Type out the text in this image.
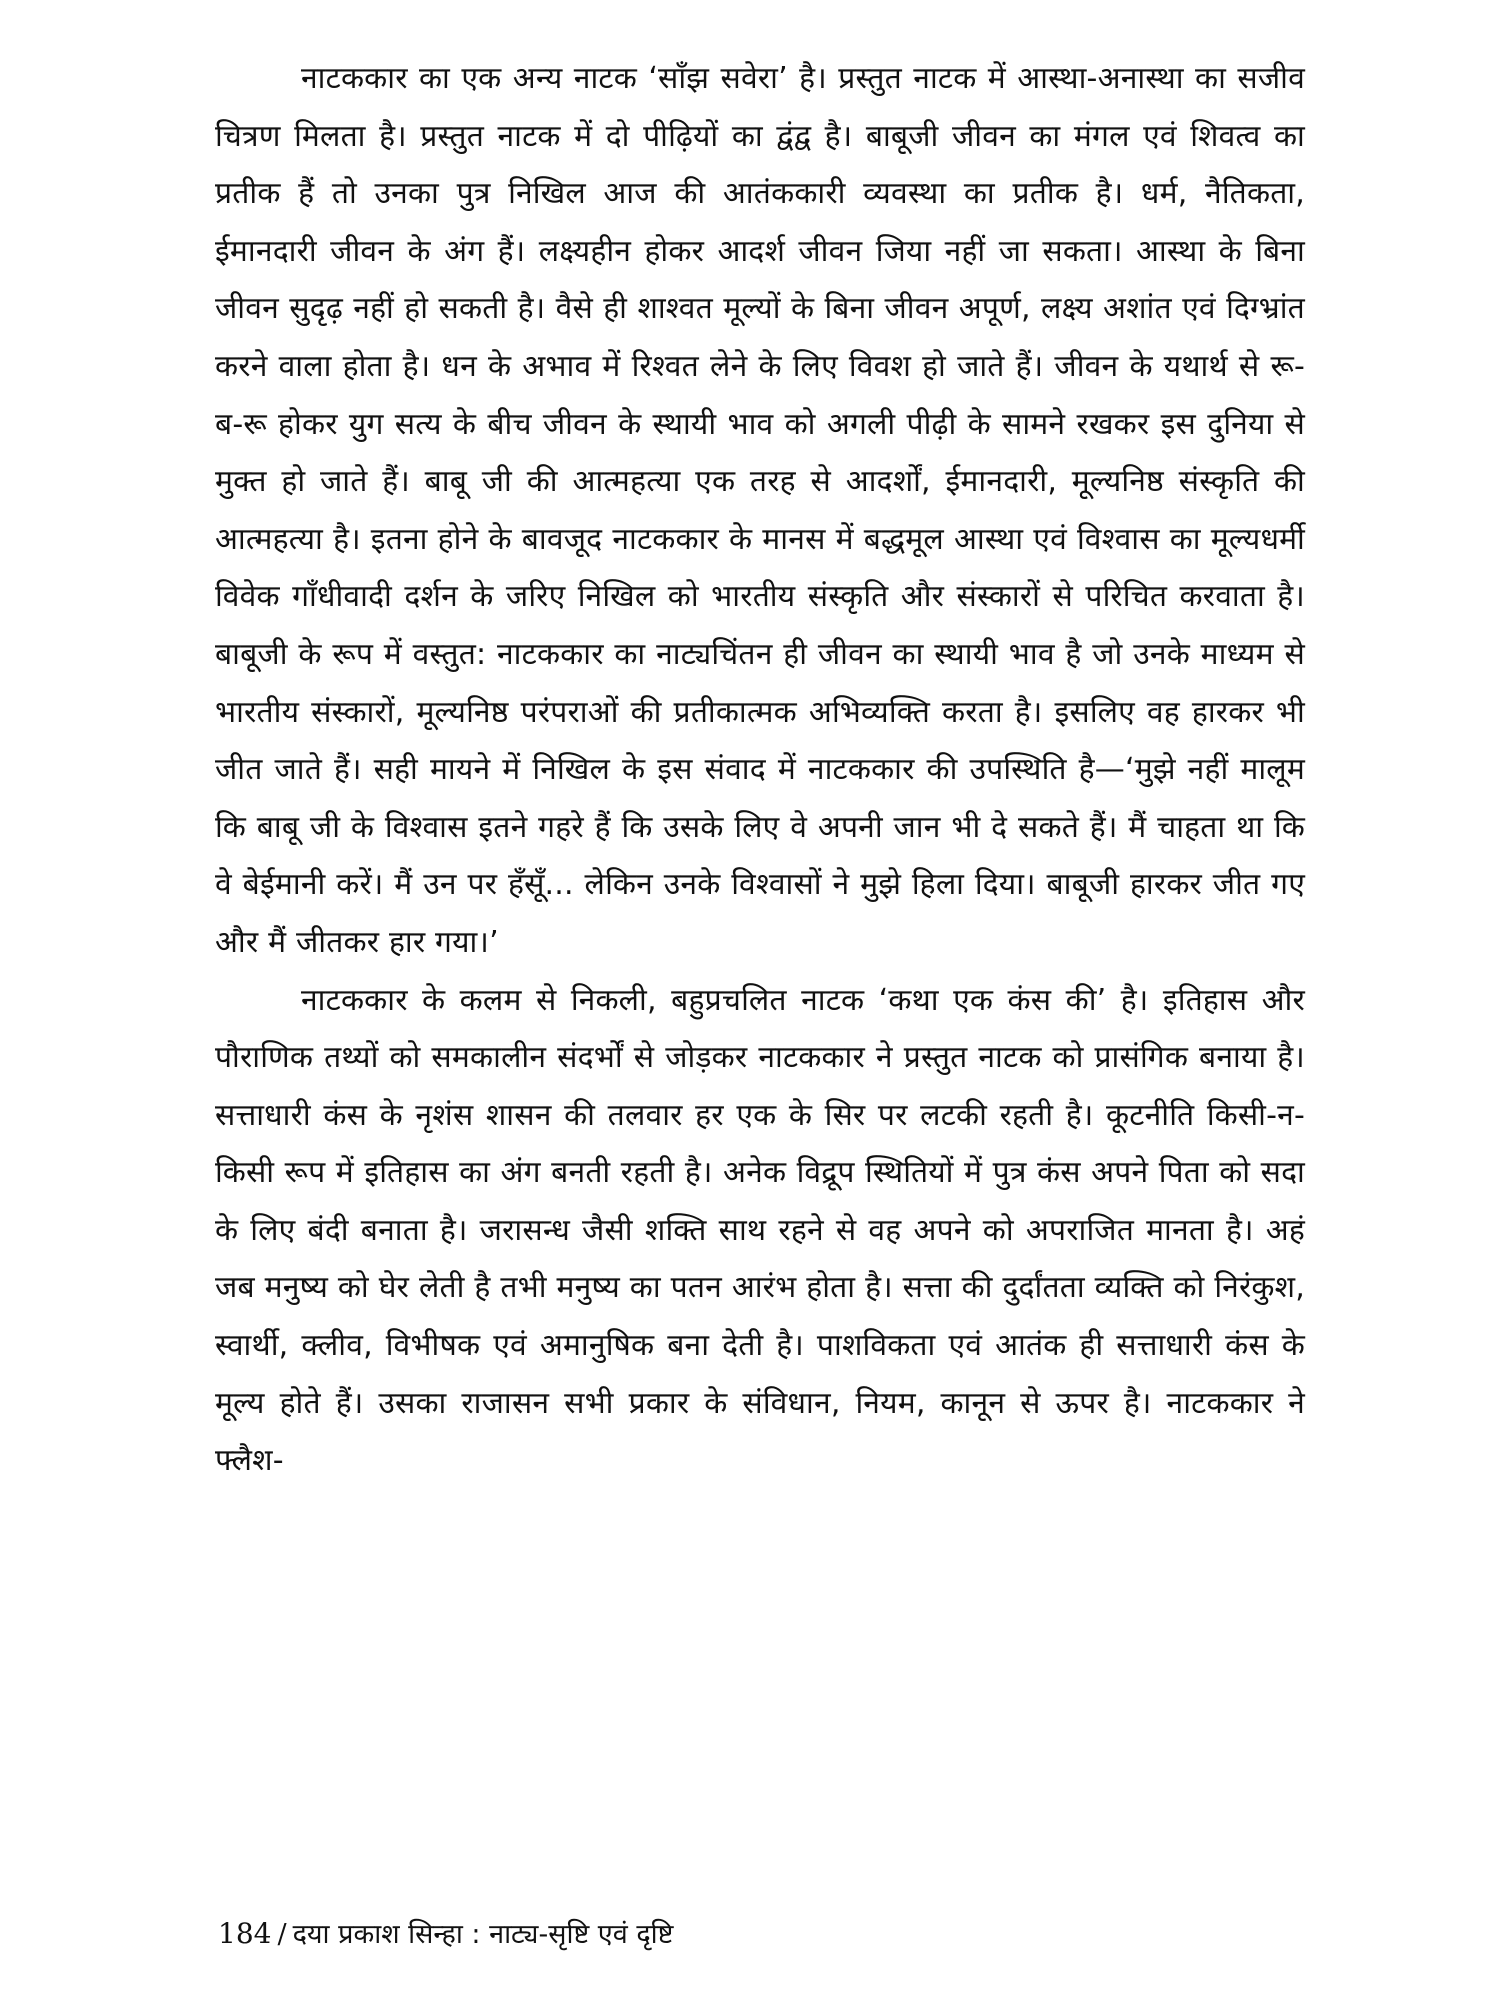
नाटककार का एक अन्य नाटक ‘साँझ सवेरा’ है। प्रस्तुत नाटक में आस्था-अनास्था का सजीव चित्रण मिलता है। प्रस्तुत नाटक में दो पीढ़ियों का द्वंद्व है। बाबूजी जीवन का मंगल एवं शिवत्व का प्रतीक हैं तो उनका पुत्र निखिल आज की आतंककारी व्यवस्था का प्रतीक है। धर्म, नैतिकता, ईमानदारी जीवन के अंग हैं। लक्ष्यहीन होकर आदर्श जीवन जिया नहीं जा सकता। आस्था के बिना जीवन सुदृढ़ नहीं हो सकती है। वैसे ही शाश्वत मूल्यों के बिना जीवन अपूर्ण, लक्ष्य अशांत एवं दिग्भ्रांत करने वाला होता है। धन के अभाव में रिश्वत लेने के लिए विवश हो जाते हैं। जीवन के यथार्थ से रू-ब-रू होकर युग सत्य के बीच जीवन के स्थायी भाव को अगली पीढ़ी के सामने रखकर इस दुनिया से मुक्त हो जाते हैं। बाबू जी की आत्महत्या एक तरह से आदर्शों, ईमानदारी, मूल्यनिष्ठ संस्कृति की आत्महत्या है। इतना होने के बावजूद नाटककार के मानस में बद्धमूल आस्था एवं विश्वास का मूल्यधर्मी विवेक गाँधीवादी दर्शन के जरिए निखिल को भारतीय संस्कृति और संस्कारों से परिचित करवाता है। बाबूजी के रूप में वस्तुत: नाटककार का नाट्यचिंतन ही जीवन का स्थायी भाव है जो उनके माध्यम से भारतीय संस्कारों, मूल्यनिष्ठ परंपराओं की प्रतीकात्मक अभिव्यक्ति करता है। इसलिए वह हारकर भी जीत जाते हैं। सही मायने में निखिल के इस संवाद में नाटककार की उपस्थिति है—‘मुझे नहीं मालूम कि बाबू जी के विश्वास इतने गहरे हैं कि उसके लिए वे अपनी जान भी दे सकते हैं। मैं चाहता था कि वे बेईमानी करें। मैं उन पर हँसूँ... लेकिन उनके विश्वासों ने मुझे हिला दिया। बाबूजी हारकर जीत गए और मैं जीतकर हार गया।’

नाटककार के कलम से निकली, बहुप्रचलित नाटक ‘कथा एक कंस की’ है। इतिहास और पौराणिक तथ्यों को समकालीन संदर्भों से जोड़कर नाटककार ने प्रस्तुत नाटक को प्रासंगिक बनाया है। सत्ताधारी कंस के नृशंस शासन की तलवार हर एक के सिर पर लटकी रहती है। कूटनीति किसी-न-किसी रूप में इतिहास का अंग बनती रहती है। अनेक विद्रूप स्थितियों में पुत्र कंस अपने पिता को सदा के लिए बंदी बनाता है। जरासन्ध जैसी शक्ति साथ रहने से वह अपने को अपराजित मानता है। अहं जब मनुष्य को घेर लेती है तभी मनुष्य का पतन आरंभ होता है। सत्ता की दुर्दांतता व्यक्ति को निरंकुश, स्वार्थी, क्लीव, विभीषक एवं अमानुषिक बना देती है। पाशविकता एवं आतंक ही सत्ताधारी कंस के मूल्य होते हैं। उसका राजासन सभी प्रकार के संविधान, नियम, कानून से ऊपर है। नाटककार ने फ्लैश-

184 / दया प्रकाश सिन्हा : नाट्य-सृष्टि एवं दृष्टि
